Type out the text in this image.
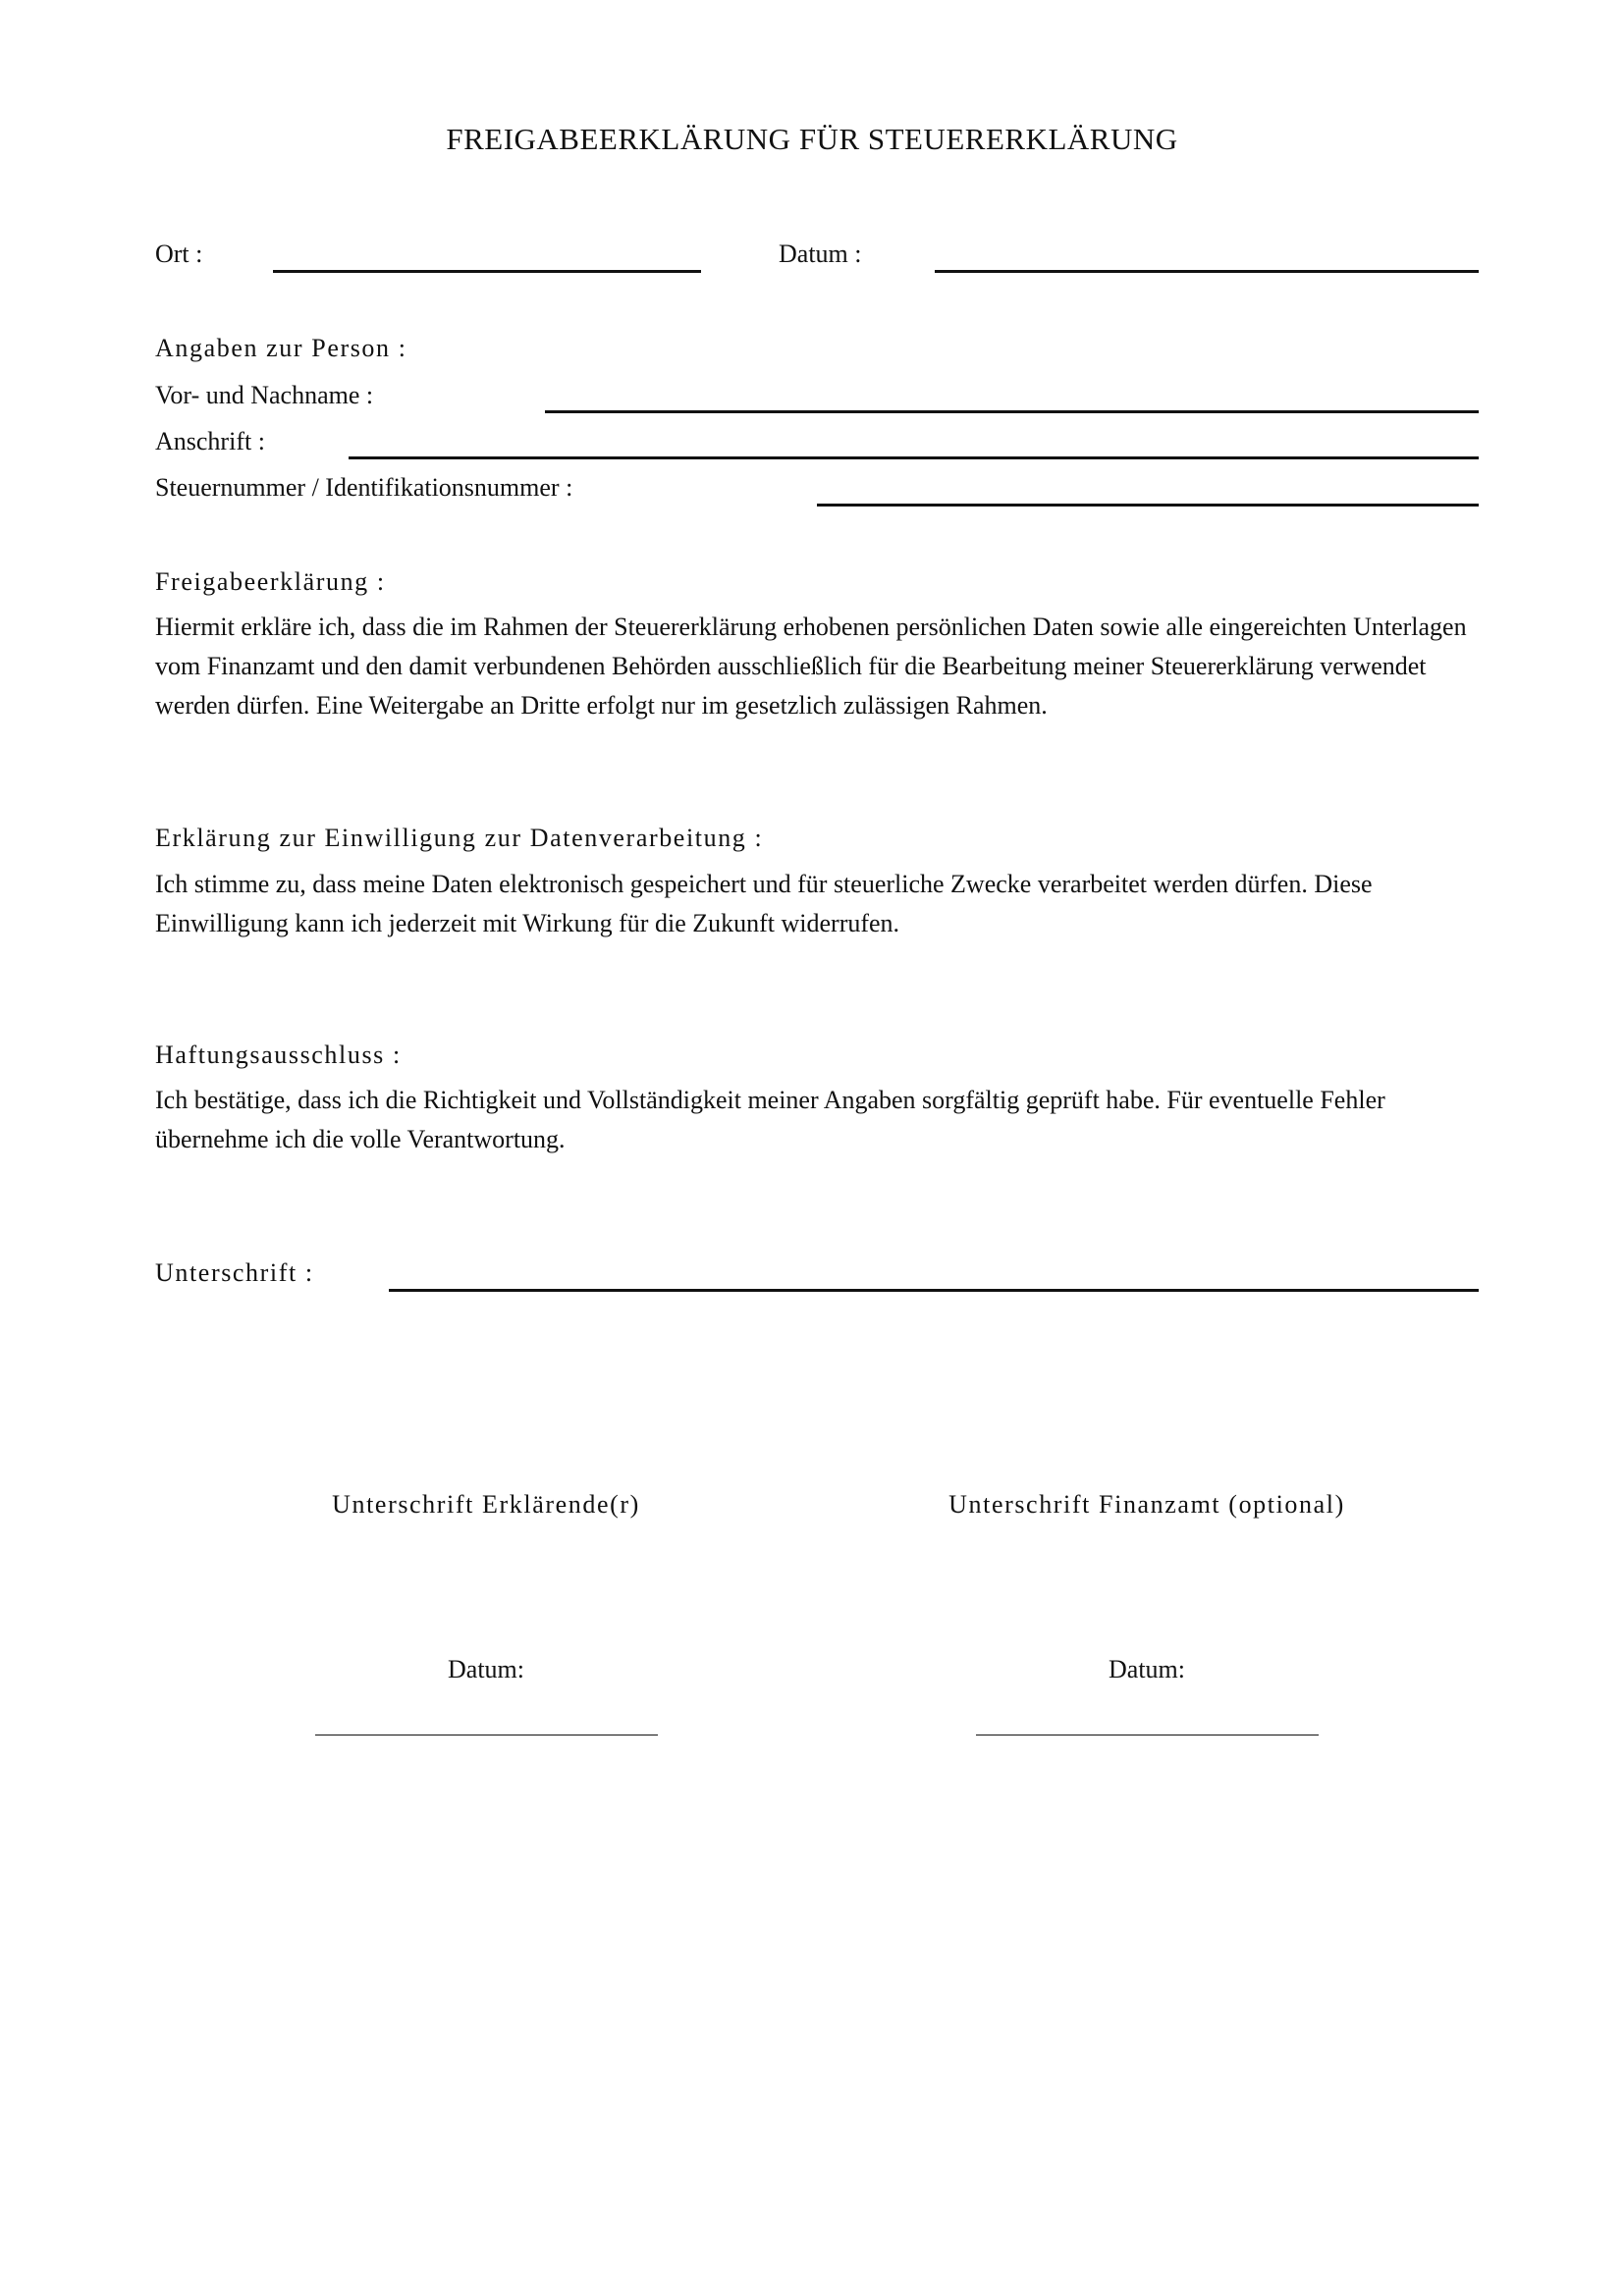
FREIGABEERKLÄRUNG FÜR STEUERERKLÄRUNG
Ort :	Datum :
Angaben zur Person :
Vor- und Nachname :
Anschrift :
Steuernummer / Identifikationsnummer :
Freigabeerklärung :
Hiermit erkläre ich, dass die im Rahmen der Steuererklärung erhobenen persönlichen Daten sowie alle eingereichten Unterlagen vom Finanzamt und den damit verbundenen Behörden ausschließlich für die Bearbeitung meiner Steuererklärung verwendet werden dürfen. Eine Weitergabe an Dritte erfolgt nur im gesetzlich zulässigen Rahmen.
Erklärung zur Einwilligung zur Datenverarbeitung :
Ich stimme zu, dass meine Daten elektronisch gespeichert und für steuerliche Zwecke verarbeitet werden dürfen. Diese Einwilligung kann ich jederzeit mit Wirkung für die Zukunft widerrufen.
Haftungsausschluss :
Ich bestätige, dass ich die Richtigkeit und Vollständigkeit meiner Angaben sorgfältig geprüft habe. Für eventuelle Fehler übernehme ich die volle Verantwortung.
Unterschrift :
Unterschrift Erklärende(r)	Unterschrift Finanzamt (optional)
Datum:	Datum:
